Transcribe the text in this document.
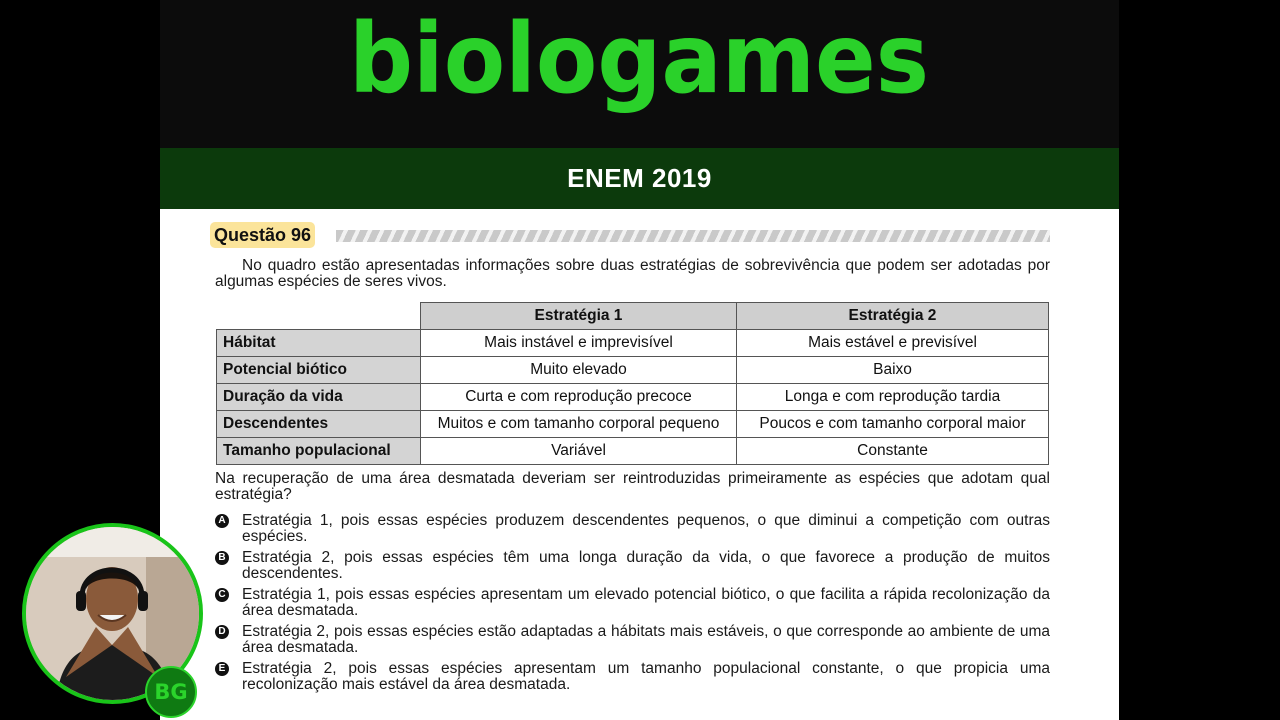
biologames
ENEM 2019
Questão 96

No quadro estão apresentadas informações sobre duas estratégias de sobrevivência que podem ser adotadas por algumas espécies de seres vivos.

	Estratégia 1	Estratégia 2
Hábitat	Mais instável e imprevisível	Mais estável e previsível
Potencial biótico	Muito elevado	Baixo
Duração da vida	Curta e com reprodução precoce	Longa e com reprodução tardia
Descendentes	Muitos e com tamanho corporal pequeno	Poucos e com tamanho corporal maior
Tamanho populacional	Variável	Constante

Na recuperação de uma área desmatada deveriam ser reintroduzidas primeiramente as espécies que adotam qual estratégia?

A Estratégia 1, pois essas espécies produzem descendentes pequenos, o que diminui a competição com outras espécies.
B Estratégia 2, pois essas espécies têm uma longa duração da vida, o que favorece a produção de muitos descendentes.
C Estratégia 1, pois essas espécies apresentam um elevado potencial biótico, o que facilita a rápida recolonização da área desmatada.
D Estratégia 2, pois essas espécies estão adaptadas a hábitats mais estáveis, o que corresponde ao ambiente de uma área desmatada.
E Estratégia 2, pois essas espécies apresentam um tamanho populacional constante, o que propicia uma recolonização mais estável da área desmatada.
BG
